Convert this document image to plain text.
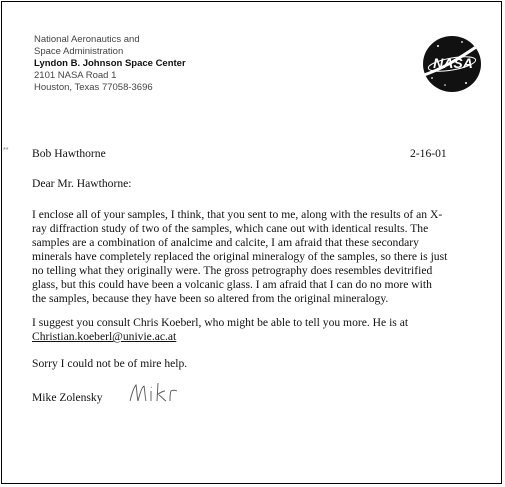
National Aeronautics and
Space Administration
Lyndon B. Johnson Space Center
2101 NASA Road 1
Houston, Texas 77058-3696
NASA
** Bob Hawthorne	2-16-01
Dear Mr. Hawthorne:
I enclose all of your samples, I think, that you sent to me, along with the results of an X-
ray diffraction study of two of the samples, which cane out with identical results. The
samples are a combination of analcime and calcite, I am afraid that these secondary
minerals have completely replaced the original mineralogy of the samples, so there is just
no telling what they originally were. The gross petrography does resembles devitrified
glass, but this could have been a volcanic glass. I am afraid that I can do no more with
the samples, because they have been so altered from the original mineralogy.
I suggest you consult Chris Koeberl, who might be able to tell you more. He is at
Christian.koeberl@univie.ac.at
Sorry I could not be of mire help.
Mike Zolensky
